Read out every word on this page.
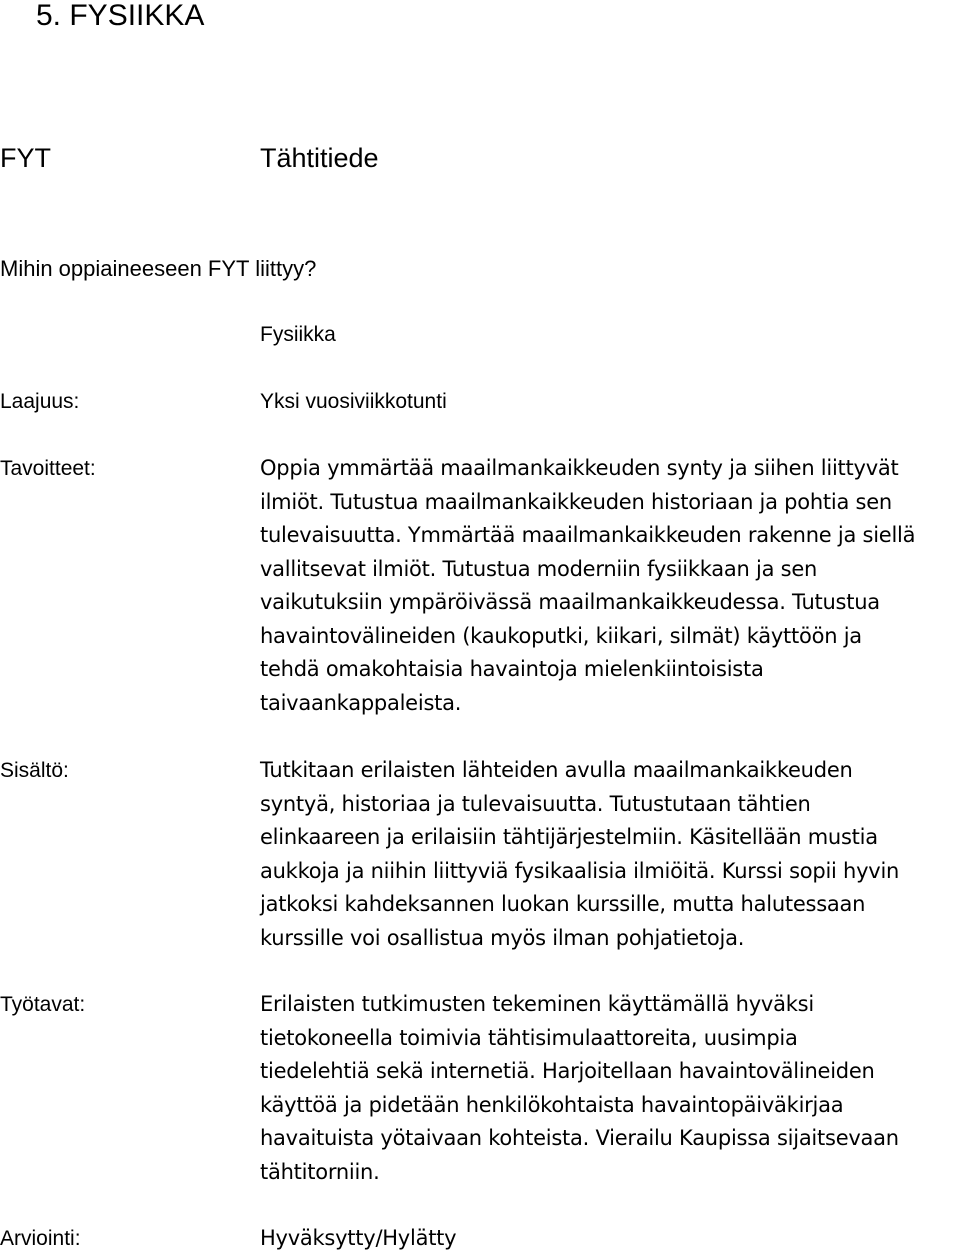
5. FYSIIKKA
FYT	Tähtitiede
Mihin oppiaineeseen FYT liittyy?
Fysiikka
Laajuus:	Yksi vuosiviikkotunti
Tavoitteet:	Oppia ymmärtää maailmankaikkeuden synty ja siihen liittyvät
ilmiöt. Tutustua maailmankaikkeuden historiaan ja pohtia sen
tulevaisuutta. Ymmärtää maailmankaikkeuden rakenne ja siellä
vallitsevat ilmiöt. Tutustua moderniin fysiikkaan ja sen
vaikutuksiin ympäröivässä maailmankaikkeudessa. Tutustua
havaintovälineiden (kaukoputki, kiikari, silmät) käyttöön ja
tehdä omakohtaisia havaintoja mielenkiintoisista
taivaankappaleista.
Sisältö:	Tutkitaan erilaisten lähteiden avulla maailmankaikkeuden
syntyä, historiaa ja tulevaisuutta. Tutustutaan tähtien
elinkaareen ja erilaisiin tähtijärjestelmiin. Käsitellään mustia
aukkoja ja niihin liittyviä fysikaalisia ilmiöitä. Kurssi sopii hyvin
jatkoksi kahdeksannen luokan kurssille, mutta halutessaan
kurssille voi osallistua myös ilman pohjatietoja.
Työtavat:	Erilaisten tutkimusten tekeminen käyttämällä hyväksi
tietokoneella toimivia tähtisimulaattoreita, uusimpia
tiedelehtiä sekä internetiä. Harjoitellaan havaintovälineiden
käyttöä ja pidetään henkilökohtaista havaintopäiväkirjaa
havaituista yötaivaan kohteista. Vierailu Kaupissa sijaitsevaan
tähtitorniin.
Arviointi:	Hyväksytty/Hylätty
